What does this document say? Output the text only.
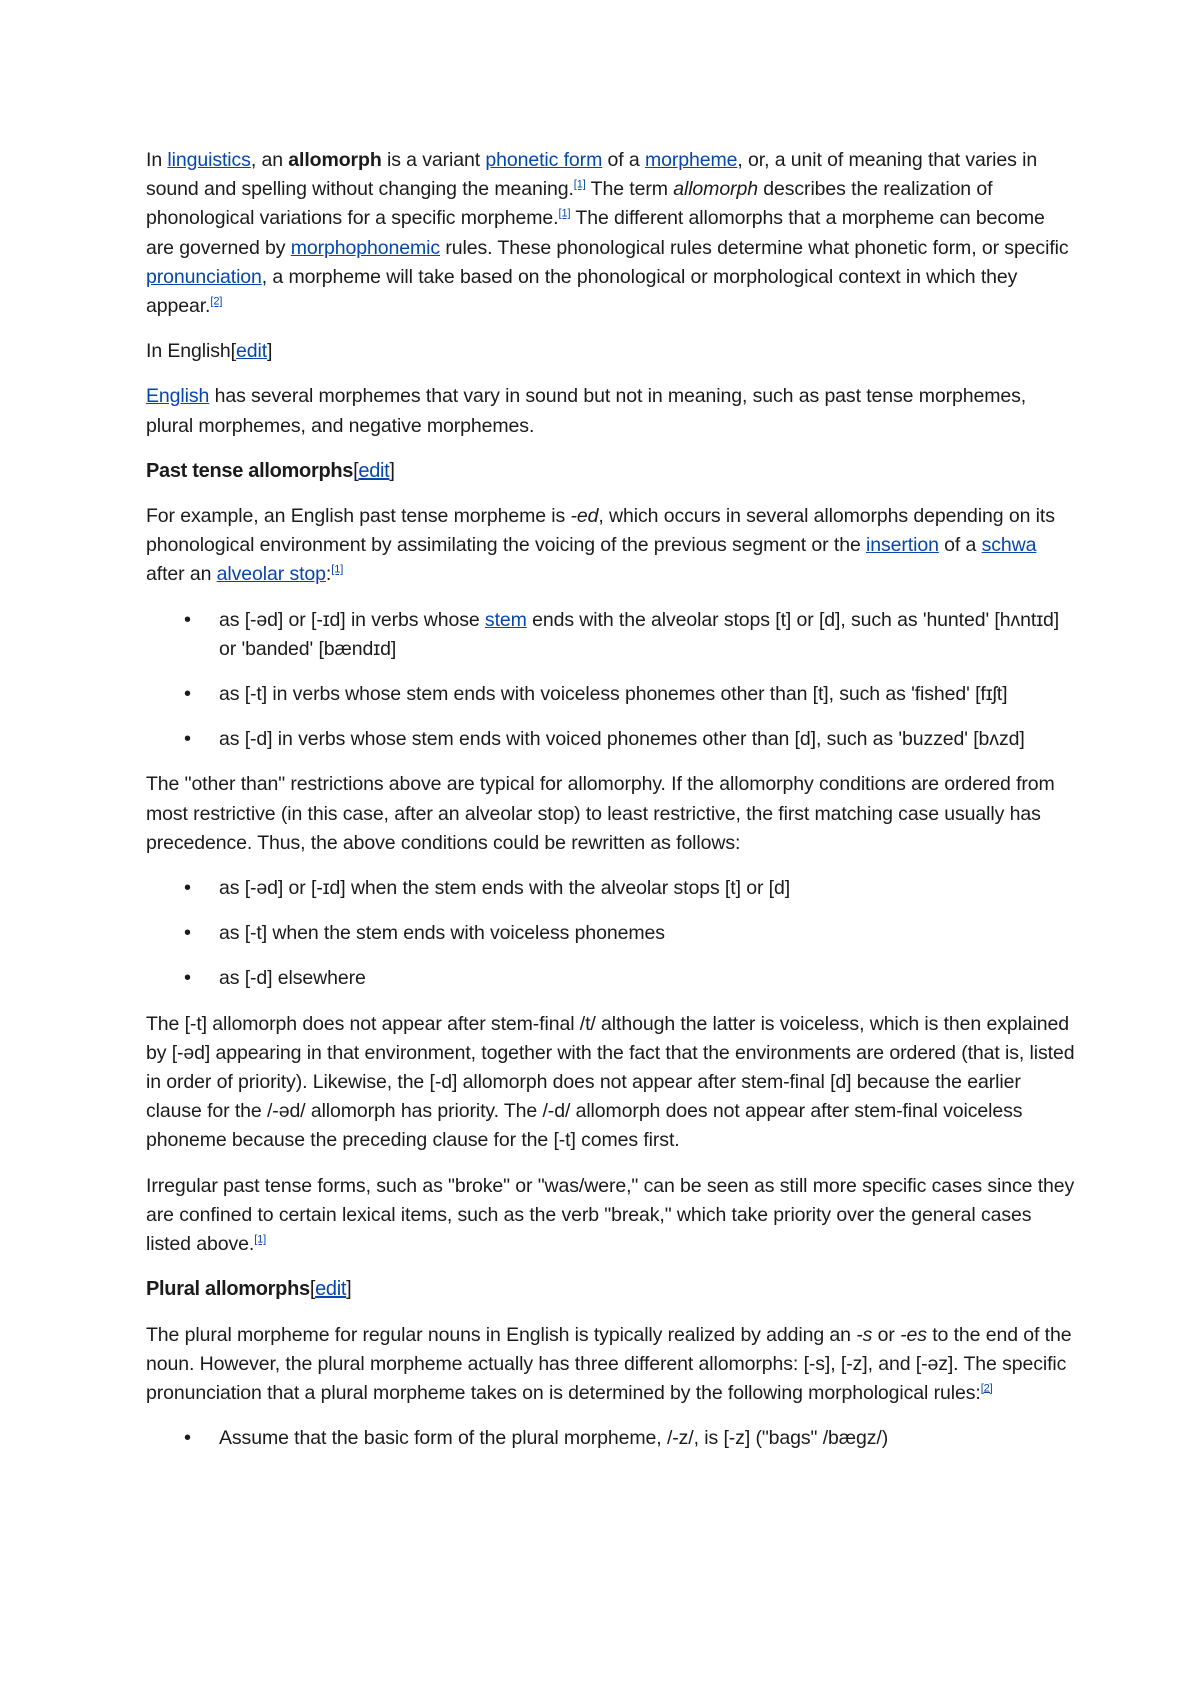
In linguistics, an allomorph is a variant phonetic form of a morpheme, or, a unit of meaning that varies in sound and spelling without changing the meaning.[1] The term allomorph describes the realization of phonological variations for a specific morpheme.[1] The different allomorphs that a morpheme can become are governed by morphophonemic rules. These phonological rules determine what phonetic form, or specific pronunciation, a morpheme will take based on the phonological or morphological context in which they appear.[2]

In English[edit]

English has several morphemes that vary in sound but not in meaning, such as past tense morphemes, plural morphemes, and negative morphemes.

Past tense allomorphs[edit]

For example, an English past tense morpheme is -ed, which occurs in several allomorphs depending on its phonological environment by assimilating the voicing of the previous segment or the insertion of a schwa after an alveolar stop:[1]

• as [-əd] or [-ɪd] in verbs whose stem ends with the alveolar stops [t] or [d], such as 'hunted' [hʌntɪd] or 'banded' [bændɪd]
• as [-t] in verbs whose stem ends with voiceless phonemes other than [t], such as 'fished' [fɪʃt]
• as [-d] in verbs whose stem ends with voiced phonemes other than [d], such as 'buzzed' [bʌzd]

The "other than" restrictions above are typical for allomorphy. If the allomorphy conditions are ordered from most restrictive (in this case, after an alveolar stop) to least restrictive, the first matching case usually has precedence. Thus, the above conditions could be rewritten as follows:

• as [-əd] or [-ɪd] when the stem ends with the alveolar stops [t] or [d]
• as [-t] when the stem ends with voiceless phonemes
• as [-d] elsewhere

The [-t] allomorph does not appear after stem-final /t/ although the latter is voiceless, which is then explained by [-əd] appearing in that environment, together with the fact that the environments are ordered (that is, listed in order of priority). Likewise, the [-d] allomorph does not appear after stem-final [d] because the earlier clause for the /-əd/ allomorph has priority. The /-d/ allomorph does not appear after stem-final voiceless phoneme because the preceding clause for the [-t] comes first.

Irregular past tense forms, such as "broke" or "was/were," can be seen as still more specific cases since they are confined to certain lexical items, such as the verb "break," which take priority over the general cases listed above.[1]

Plural allomorphs[edit]

The plural morpheme for regular nouns in English is typically realized by adding an -s or -es to the end of the noun. However, the plural morpheme actually has three different allomorphs: [-s], [-z], and [-əz]. The specific pronunciation that a plural morpheme takes on is determined by the following morphological rules:[2]

• Assume that the basic form of the plural morpheme, /-z/, is [-z] ("bags" /bægz/)
